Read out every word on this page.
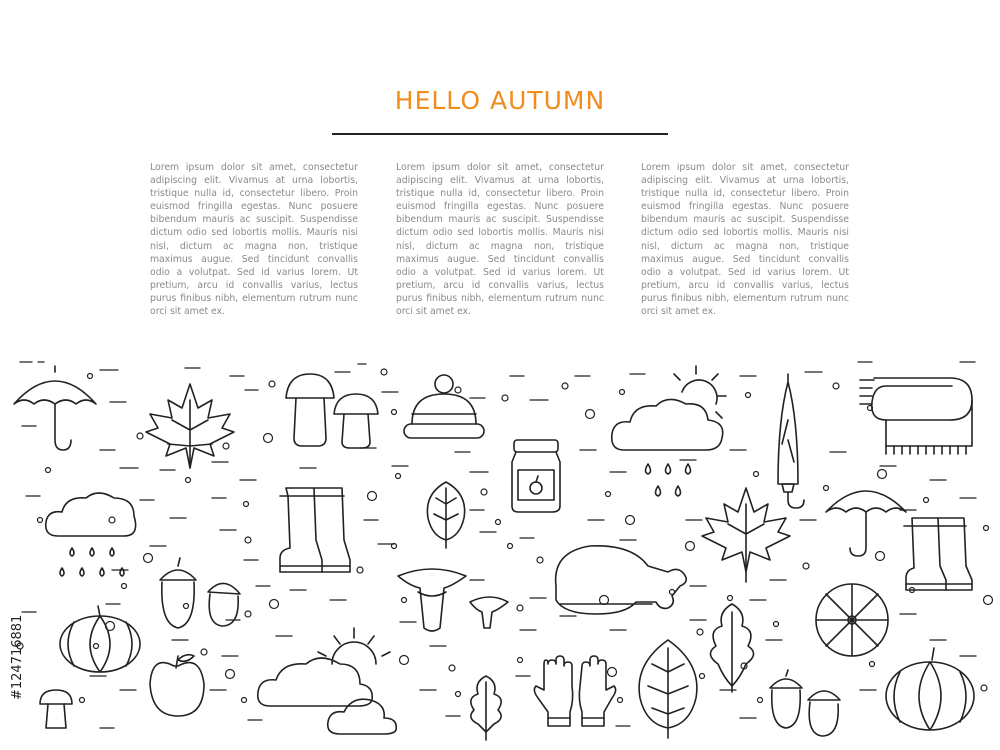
HELLO AUTUMN
Lorem ipsum dolor sit amet, consectetur adipiscing elit. Vivamus at urna lobortis, tristique nulla id, consectetur libero. Proin euismod fringilla egestas. Nunc posuere bibendum mauris ac suscipit. Suspendisse dictum odio sed lobortis mollis. Mauris nisi nisl, dictum ac magna non, tristique maximus augue. Sed tincidunt convallis odio a volutpat. Sed id varius lorem. Ut pretium, arcu id convallis varius, lectus purus finibus nibh, elementum rutrum nunc orci sit amet ex.
Lorem ipsum dolor sit amet, consectetur adipiscing elit. Vivamus at urna lobortis, tristique nulla id, consectetur libero. Proin euismod fringilla egestas. Nunc posuere bibendum mauris ac suscipit. Suspendisse dictum odio sed lobortis mollis. Mauris nisi nisl, dictum ac magna non, tristique maximus augue. Sed tincidunt convallis odio a volutpat. Sed id varius lorem. Ut pretium, arcu id convallis varius, lectus purus finibus nibh, elementum rutrum nunc orci sit amet ex.
Lorem ipsum dolor sit amet, consectetur adipiscing elit. Vivamus at urna lobortis, tristique nulla id, consectetur libero. Proin euismod fringilla egestas. Nunc posuere bibendum mauris ac suscipit. Suspendisse dictum odio sed lobortis mollis. Mauris nisi nisl, dictum ac magna non, tristique maximus augue. Sed tincidunt convallis odio a volutpat. Sed id varius lorem. Ut pretium, arcu id convallis varius, lectus purus finibus nibh, elementum rutrum nunc orci sit amet ex.
#124716881
